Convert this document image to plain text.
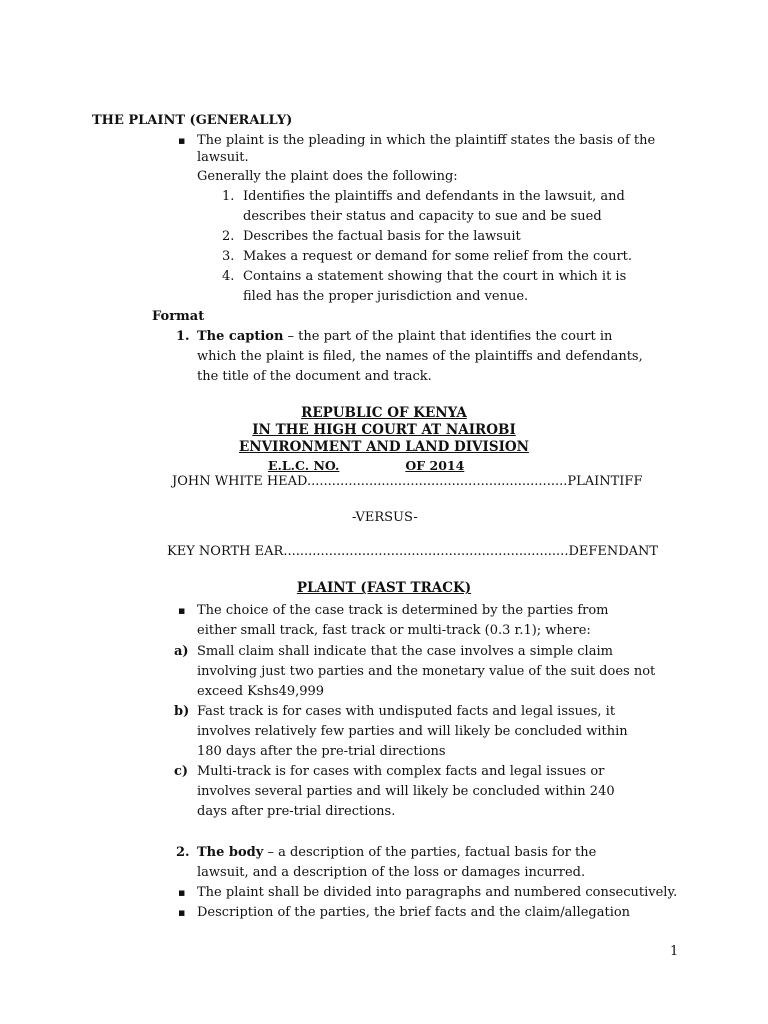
THE PLAINT (GENERALLY)
▪ The plaint is the pleading in which the plaintiff states the basis of the
lawsuit.
Generally the plaint does the following:
1. Identifies the plaintiffs and defendants in the lawsuit, and
describes their status and capacity to sue and be sued
2. Describes the factual basis for the lawsuit
3. Makes a request or demand for some relief from the court.
4. Contains a statement showing that the court in which it is
filed has the proper jurisdiction and venue.
Format
1. The caption – the part of the plaint that identifies the court in
which the plaint is filed, the names of the plaintiffs and defendants,
the title of the document and track.
REPUBLIC OF KENYA
IN THE HIGH COURT AT NAIROBI
ENVIRONMENT AND LAND DIVISION
E.L.C. NO.	OF 2014
JOHN WHITE HEAD...............................................................PLAINTIFF
-VERSUS-
KEY NORTH EAR.....................................................................DEFENDANT
PLAINT (FAST TRACK)
▪ The choice of the case track is determined by the parties from
either small track, fast track or multi-track (0.3 r.1); where:
a) Small claim shall indicate that the case involves a simple claim
involving just two parties and the monetary value of the suit does not
exceed Kshs49,999
b) Fast track is for cases with undisputed facts and legal issues, it
involves relatively few parties and will likely be concluded within
180 days after the pre-trial directions
c) Multi-track is for cases with complex facts and legal issues or
involves several parties and will likely be concluded within 240
days after pre-trial directions.
2. The body – a description of the parties, factual basis for the
lawsuit, and a description of the loss or damages incurred.
▪ The plaint shall be divided into paragraphs and numbered consecutively.
▪ Description of the parties, the brief facts and the claim/allegation
1
